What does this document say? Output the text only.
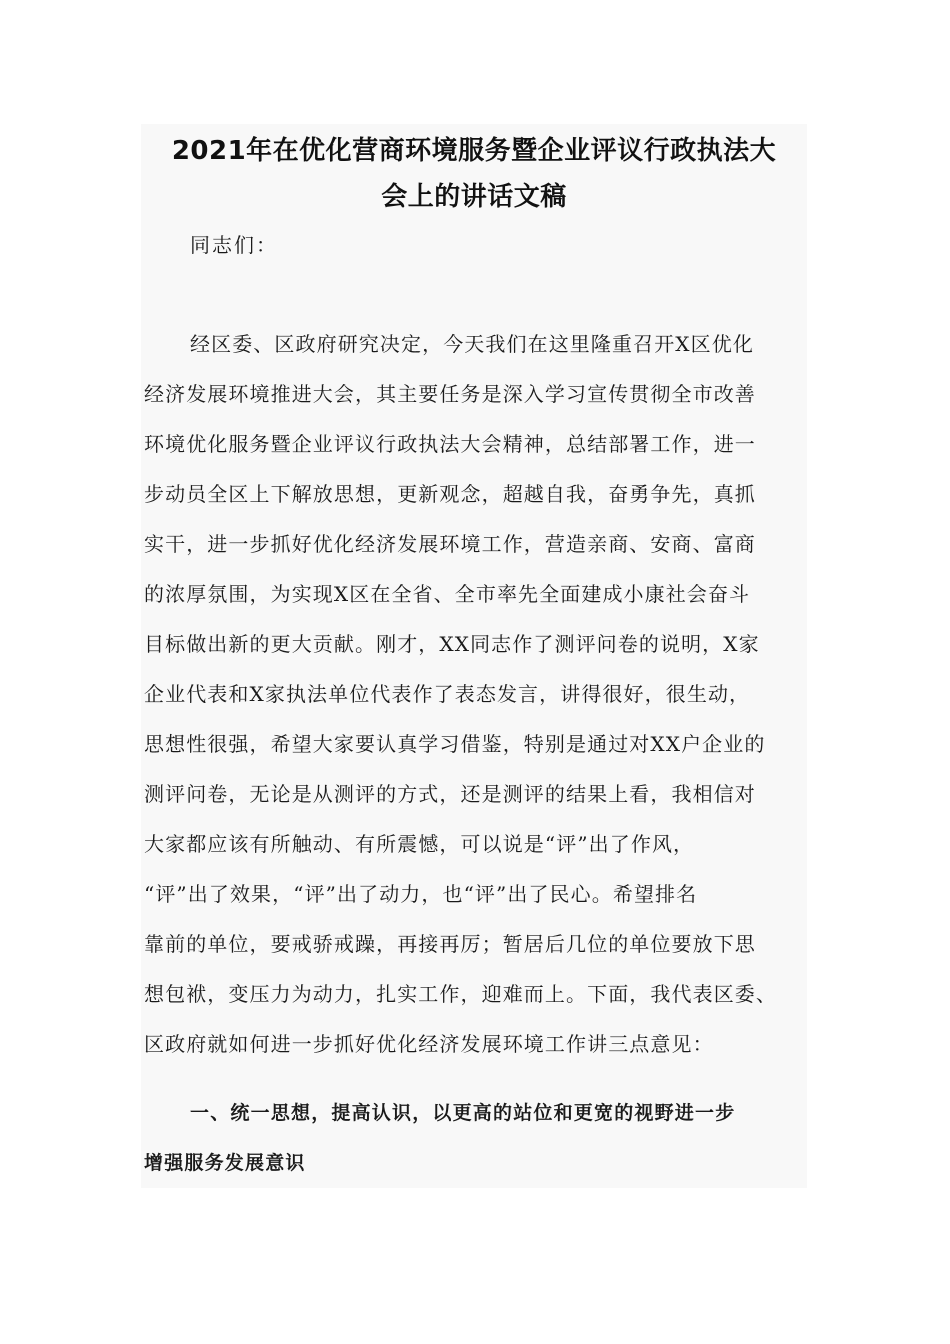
2021年在优化营商环境服务暨企业评议行政执法大
会上的讲话文稿

同志们：

经区委、区政府研究决定，今天我们在这里隆重召开X区优化
经济发展环境推进大会，其主要任务是深入学习宣传贯彻全市改善
环境优化服务暨企业评议行政执法大会精神，总结部署工作，进一
步动员全区上下解放思想，更新观念，超越自我，奋勇争先，真抓
实干，进一步抓好优化经济发展环境工作，营造亲商、安商、富商
的浓厚氛围，为实现X区在全省、全市率先全面建成小康社会奋斗
目标做出新的更大贡献。刚才，XX同志作了测评问卷的说明，X家
企业代表和X家执法单位代表作了表态发言，讲得很好，很生动，
思想性很强，希望大家要认真学习借鉴，特别是通过对XX户企业的
测评问卷，无论是从测评的方式，还是测评的结果上看，我相信对
大家都应该有所触动、有所震憾，可以说是“评”出了作风，
“评”出了效果，“评”出了动力，也“评”出了民心。希望排名
靠前的单位，要戒骄戒躁，再接再厉；暂居后几位的单位要放下思
想包袱，变压力为动力，扎实工作，迎难而上。下面，我代表区委、
区政府就如何进一步抓好优化经济发展环境工作讲三点意见：
一、统一思想，提高认识，以更高的站位和更宽的视野进一步
增强服务发展意识
